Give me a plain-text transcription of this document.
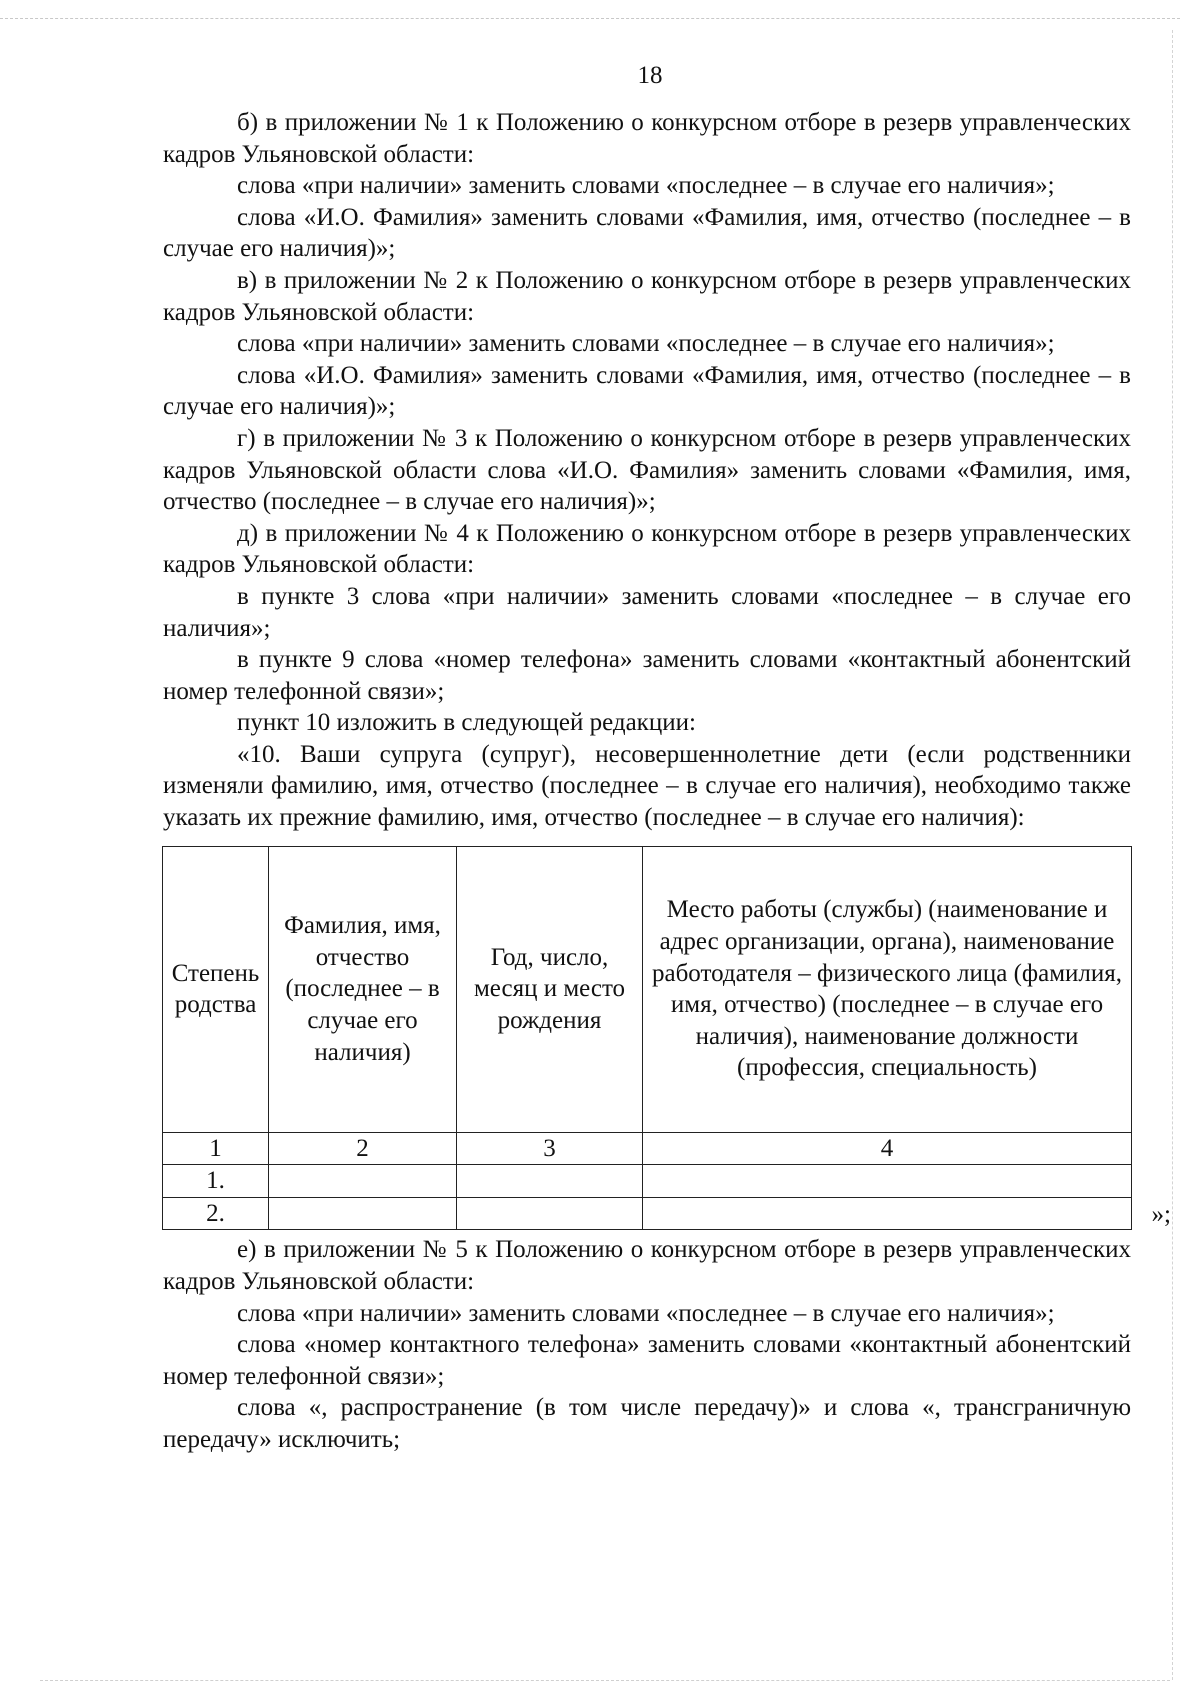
18

б) в приложении № 1 к Положению о конкурсном отборе в резерв управленческих кадров Ульяновской области:

слова «при наличии» заменить словами «последнее – в случае его наличия»;

слова «И.О. Фамилия» заменить словами «Фамилия, имя, отчество (последнее – в случае его наличия)»;

в) в приложении № 2 к Положению о конкурсном отборе в резерв управленческих кадров Ульяновской области:

слова «при наличии» заменить словами «последнее – в случае его наличия»;

слова «И.О. Фамилия» заменить словами «Фамилия, имя, отчество (последнее – в случае его наличия)»;

г) в приложении № 3 к Положению о конкурсном отборе в резерв управленческих кадров Ульяновской области слова «И.О. Фамилия» заменить словами «Фамилия, имя, отчество (последнее – в случае его наличия)»;

д) в приложении № 4 к Положению о конкурсном отборе в резерв управленческих кадров Ульяновской области:

в пункте 3 слова «при наличии» заменить словами «последнее – в случае его наличия»;

в пункте 9 слова «номер телефона» заменить словами «контактный абонентский номер телефонной связи»;

пункт 10 изложить в следующей редакции:

«10. Ваши супруга (супруг), несовершеннолетние дети (если родственники изменяли фамилию, имя, отчество (последнее – в случае его наличия), необходимо также указать их прежние фамилию, имя, отчество (последнее – в случае его наличия):

Степень родства	Фамилия, имя, отчество (последнее – в случае его наличия)	Год, число, месяц и место рождения	Место работы (службы) (наименование и адрес организации, органа), наименование работодателя – физического лица (фамилия, имя, отчество) (последнее – в случае его наличия), наименование должности (профессия, специальность)
1	2	3	4
1.			
2.				»;

е) в приложении № 5 к Положению о конкурсном отборе в резерв управленческих кадров Ульяновской области:

слова «при наличии» заменить словами «последнее – в случае его наличия»;

слова «номер контактного телефона» заменить словами «контактный абонентский номер телефонной связи»;

слова «, распространение (в том числе передачу)» и слова «, трансграничную передачу» исключить;
